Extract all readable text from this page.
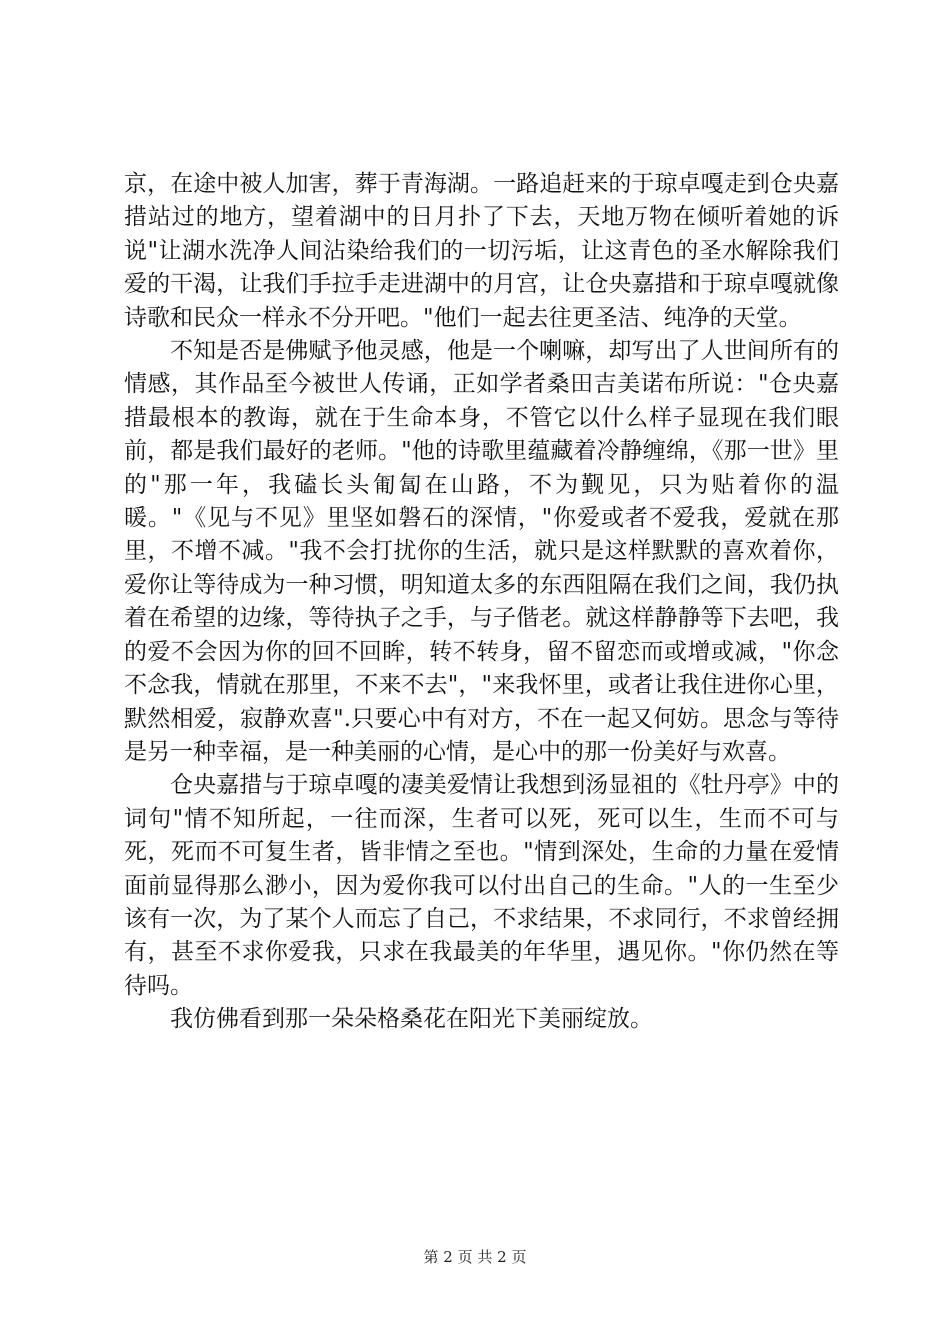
京，在途中被人加害，葬于青海湖。一路追赶来的于琼卓嘎走到仓央嘉措站过的地方，望着湖中的日月扑了下去，天地万物在倾听着她的诉说"让湖水洗净人间沾染给我们的一切污垢，让这青色的圣水解除我们爱的干渴，让我们手拉手走进湖中的月宫，让仓央嘉措和于琼卓嘎就像诗歌和民众一样永不分开吧。"他们一起去往更圣洁、纯净的天堂。

不知是否是佛赋予他灵感，他是一个喇嘛，却写出了人世间所有的情感，其作品至今被世人传诵，正如学者桑田吉美诺布所说："仓央嘉措最根本的教诲，就在于生命本身，不管它以什么样子显现在我们眼前，都是我们最好的老师。"他的诗歌里蕴藏着冷静缠绵，《那一世》里的"那一年，我磕长头匍匐在山路，不为觐见，只为贴着你的温暖。"《见与不见》里坚如磐石的深情，"你爱或者不爱我，爱就在那里，不增不减。"我不会打扰你的生活，就只是这样默默的喜欢着你，爱你让等待成为一种习惯，明知道太多的东西阻隔在我们之间，我仍执着在希望的边缘，等待执子之手，与子偕老。就这样静静等下去吧，我的爱不会因为你的回不回眸，转不转身，留不留恋而或增或减，"你念不念我，情就在那里，不来不去"，"来我怀里，或者让我住进你心里，默然相爱，寂静欢喜".只要心中有对方，不在一起又何妨。思念与等待是另一种幸福，是一种美丽的心情，是心中的那一份美好与欢喜。

仓央嘉措与于琼卓嘎的凄美爱情让我想到汤显祖的《牡丹亭》中的词句"情不知所起，一往而深，生者可以死，死可以生，生而不可与死，死而不可复生者，皆非情之至也。"情到深处，生命的力量在爱情面前显得那么渺小，因为爱你我可以付出自己的生命。"人的一生至少该有一次，为了某个人而忘了自己，不求结果，不求同行，不求曾经拥有，甚至不求你爱我，只求在我最美的年华里，遇见你。"你仍然在等待吗。

我仿佛看到那一朵朵格桑花在阳光下美丽绽放。

第 2 页 共 2 页
